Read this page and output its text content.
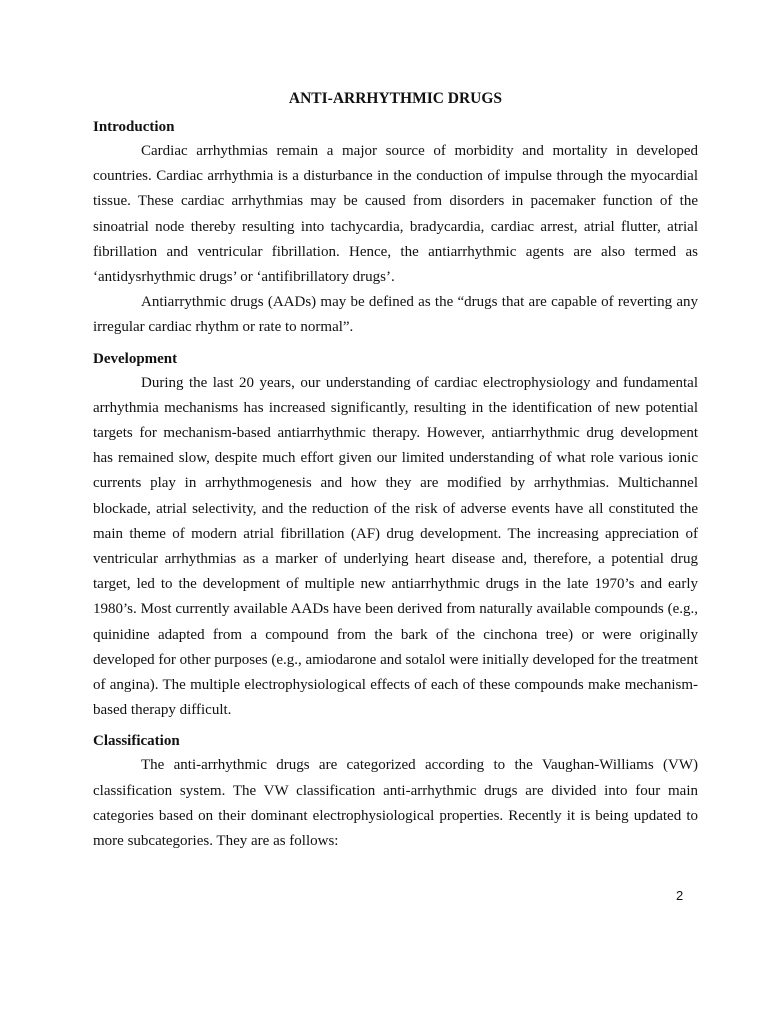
ANTI-ARRHYTHMIC DRUGS
Introduction

Cardiac arrhythmias remain a major source of morbidity and mortality in developed countries. Cardiac arrhythmia is a disturbance in the conduction of impulse through the myocardial tissue. These cardiac arrhythmias may be caused from disorders in pacemaker function of the sinoatrial node thereby resulting into tachycardia, bradycardia, cardiac arrest, atrial flutter, atrial fibrillation and ventricular fibrillation. Hence, the antiarrhythmic agents are also termed as ‘antidysrhythmic drugs’ or ‘antifibrillatory drugs’.

Antiarrythmic drugs (AADs) may be defined as the “drugs that are capable of reverting any irregular cardiac rhythm or rate to normal”.

Development

During the last 20 years, our understanding of cardiac electrophysiology and fundamental arrhythmia mechanisms has increased significantly, resulting in the identification of new potential targets for mechanism-based antiarrhythmic therapy. However, antiarrhythmic drug development has remained slow, despite much effort given our limited understanding of what role various ionic currents play in arrhythmogenesis and how they are modified by arrhythmias. Multichannel blockade, atrial selectivity, and the reduction of the risk of adverse events have all constituted the main theme of modern atrial fibrillation (AF) drug development. The increasing appreciation of ventricular arrhythmias as a marker of underlying heart disease and, therefore, a potential drug target, led to the development of multiple new antiarrhythmic drugs in the late 1970’s and early 1980’s. Most currently available AADs have been derived from naturally available compounds (e.g., quinidine adapted from a compound from the bark of the cinchona tree) or were originally developed for other purposes (e.g., amiodarone and sotalol were initially developed for the treatment of angina). The multiple electrophysiological effects of each of these compounds make mechanism-based therapy difficult.

Classification

The anti-arrhythmic drugs are categorized according to the Vaughan-Williams (VW) classification system. The VW classification anti-arrhythmic drugs are divided into four main categories based on their dominant electrophysiological properties. Recently it is being updated to more subcategories. They are as follows:

2
